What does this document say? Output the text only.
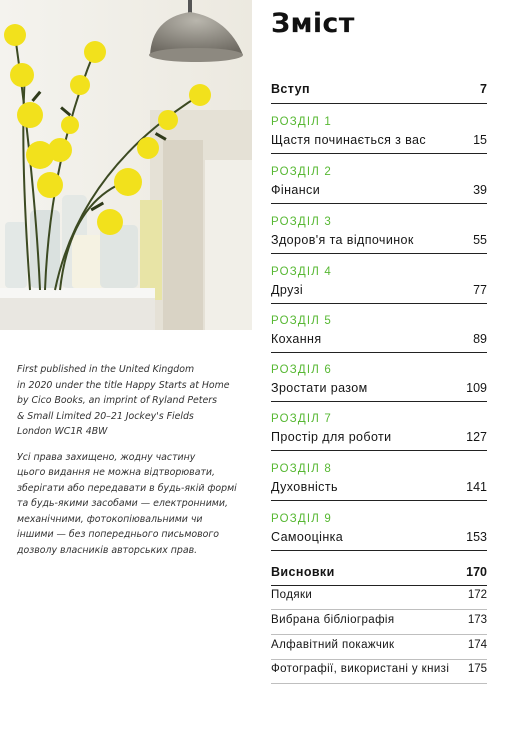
Зміст
Вступ	7
РОЗДІЛ 1
Щастя починається з вас	15
РОЗДІЛ 2
Фінанси	39
РОЗДІЛ 3
Здоров'я та відпочинок	55
РОЗДІЛ 4
Друзі	77
РОЗДІЛ 5
Кохання	89
РОЗДІЛ 6
Зростати разом	109
РОЗДІЛ 7
Простір для роботи	127
РОЗДІЛ 8
Духовність	141
РОЗДІЛ 9
Самооцінка	153
Висновки	170
Подяки	172
Вибрана бібліографія	173
Алфавітний покажчик	174
Фотографії, використані у книзі 175

First published in the United Kingdom
in 2020 under the title Happy Starts at Home
by Cico Books, an imprint of Ryland Peters
& Small Limited 20–21 Jockey's Fields
London WC1R 4BW

Усі права захищено, жодну частину
цього видання не можна відтворювати,
зберігати або передавати в будь-якій формі
та будь-якими засобами — електронними,
механічними, фотокопіювальними чи
іншими — без попереднього письмового
дозволу власників авторських прав.
